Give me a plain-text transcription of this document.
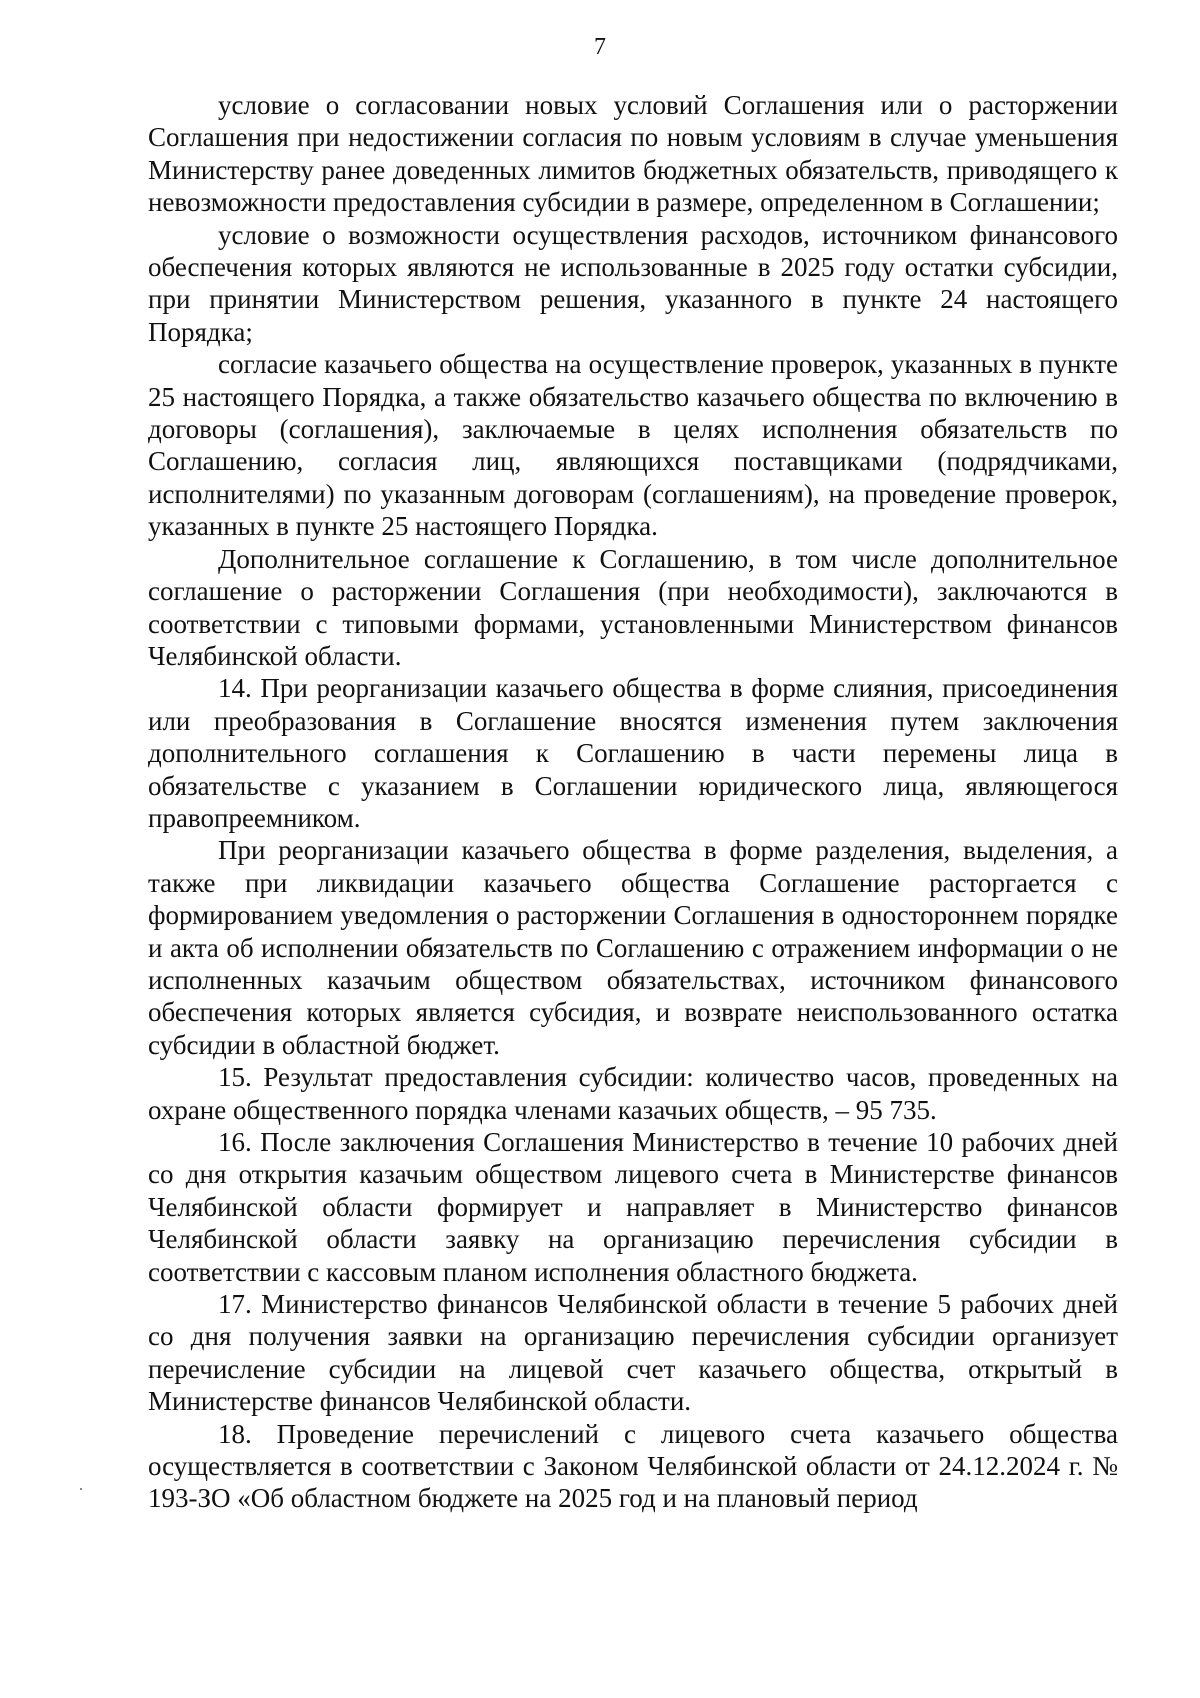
7

условие о согласовании новых условий Соглашения или о расторжении Соглашения при недостижении согласия по новым условиям в случае уменьшения Министерству ранее доведенных лимитов бюджетных обязательств, приводящего к невозможности предоставления субсидии в размере, определенном в Соглашении;

условие о возможности осуществления расходов, источником финансового обеспечения которых являются не использованные в 2025 году остатки субсидии, при принятии Министерством решения, указанного в пункте 24 настоящего Порядка;

согласие казачьего общества на осуществление проверок, указанных в пункте 25 настоящего Порядка, а также обязательство казачьего общества по включению в договоры (соглашения), заключаемые в целях исполнения обязательств по Соглашению, согласия лиц, являющихся поставщиками (подрядчиками, исполнителями) по указанным договорам (соглашениям), на проведение проверок, указанных в пункте 25 настоящего Порядка.

Дополнительное соглашение к Соглашению, в том числе дополнительное соглашение о расторжении Соглашения (при необходимости), заключаются в соответствии с типовыми формами, установленными Министерством финансов Челябинской области.

14. При реорганизации казачьего общества в форме слияния, присоединения или преобразования в Соглашение вносятся изменения путем заключения дополнительного соглашения к Соглашению в части перемены лица в обязательстве с указанием в Соглашении юридического лица, являющегося правопреемником.

При реорганизации казачьего общества в форме разделения, выделения, а также при ликвидации казачьего общества Соглашение расторгается с формированием уведомления о расторжении Соглашения в одностороннем порядке и акта об исполнении обязательств по Соглашению с отражением информации о не исполненных казачьим обществом обязательствах, источником финансового обеспечения которых является субсидия, и возврате неиспользованного остатка субсидии в областной бюджет.

15. Результат предоставления субсидии: количество часов, проведенных на охране общественного порядка членами казачьих обществ, – 95 735.

16. После заключения Соглашения Министерство в течение 10 рабочих дней со дня открытия казачьим обществом лицевого счета в Министерстве финансов Челябинской области формирует и направляет в Министерство финансов Челябинской области заявку на организацию перечисления субсидии в соответствии с кассовым планом исполнения областного бюджета.

17. Министерство финансов Челябинской области в течение 5 рабочих дней со дня получения заявки на организацию перечисления субсидии организует перечисление субсидии на лицевой счет казачьего общества, открытый в Министерстве финансов Челябинской области.

18. Проведение перечислений с лицевого счета казачьего общества осуществляется в соответствии с Законом Челябинской области от 24.12.2024 г. № 193-ЗО «Об областном бюджете на 2025 год и на плановый период
